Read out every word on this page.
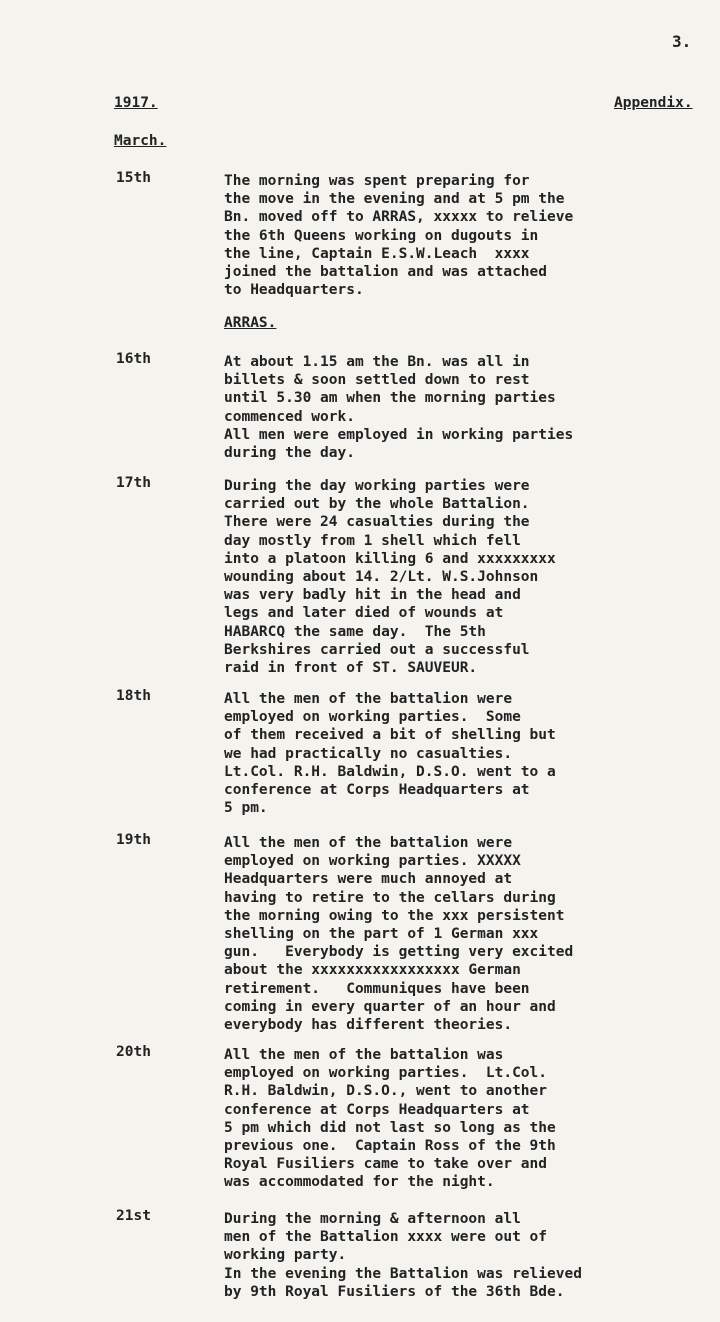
3.
1917.	Appendix.
March.
ARRAS.
15th	The morning was spent preparing for
the move in the evening and at 5 pm the
Bn. moved off to ARRAS, xxxxx to relieve
the 6th Queens working on dugouts in
the line, Captain E.S.W.Leach  xxxx
joined the battalion and was attached
to Headquarters.
16th	At about 1.15 am the Bn. was all in
billets & soon settled down to rest
until 5.30 am when the morning parties
commenced work.
All men were employed in working parties
during the day.
17th	During the day working parties were
carried out by the whole Battalion.
There were 24 casualties during the
day mostly from 1 shell which fell
into a platoon killing 6 and xxxxxxxxx
wounding about 14. 2/Lt. W.S.Johnson
was very badly hit in the head and
legs and later died of wounds at
HABARCQ the same day.  The 5th
Berkshires carried out a successful
raid in front of ST. SAUVEUR.
18th	All the men of the battalion were
employed on working parties.  Some
of them received a bit of shelling but
we had practically no casualties.
Lt.Col. R.H. Baldwin, D.S.O. went to a
conference at Corps Headquarters at
5 pm.
19th	All the men of the battalion were
employed on working parties. XXXXX
Headquarters were much annoyed at
having to retire to the cellars during
the morning owing to the xxx persistent
shelling on the part of 1 German xxx
gun.   Everybody is getting very excited
about the xxxxxxxxxxxxxxxxx German
retirement.   Communiques have been
coming in every quarter of an hour and
everybody has different theories.
20th	All the men of the battalion was
employed on working parties.  Lt.Col.
R.H. Baldwin, D.S.O., went to another
conference at Corps Headquarters at
5 pm which did not last so long as the
previous one.  Captain Ross of the 9th
Royal Fusiliers came to take over and
was accommodated for the night.
21st	During the morning & afternoon all
men of the Battalion xxxx were out of
working party.
In the evening the Battalion was relieved
by 9th Royal Fusiliers of the 36th Bde.
